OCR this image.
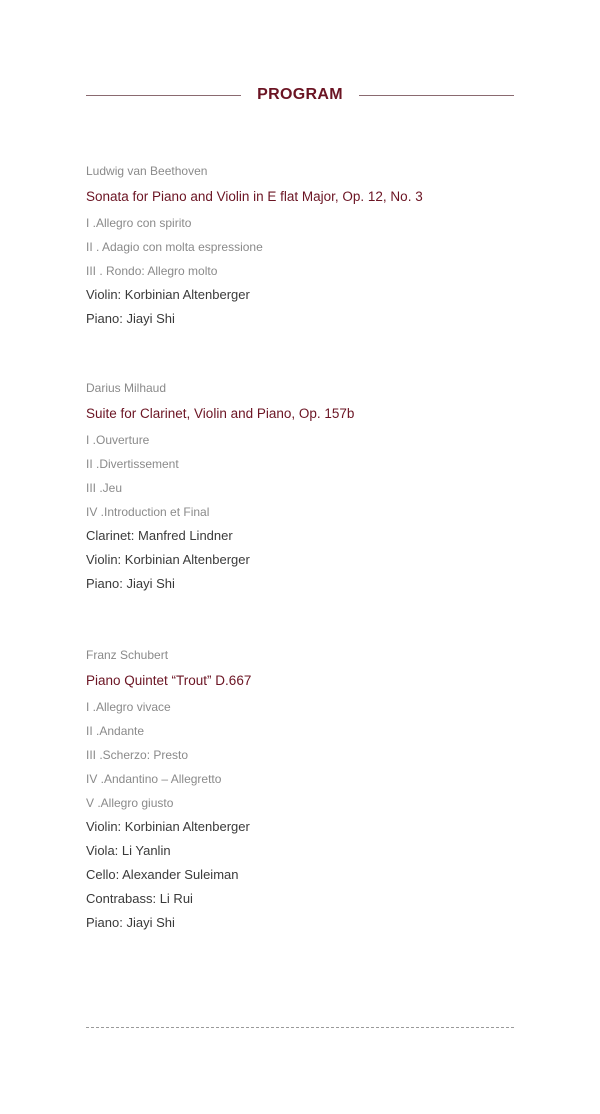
PROGRAM
Ludwig van Beethoven
Sonata for Piano and Violin in E flat Major, Op. 12, No. 3
I .Allegro con spirito
II . Adagio con molta espressione
III . Rondo: Allegro molto
Violin: Korbinian Altenberger
Piano: Jiayi Shi
Darius Milhaud
Suite for Clarinet, Violin and Piano, Op. 157b
I .Ouverture
II .Divertissement
III .Jeu
IV .Introduction et Final
Clarinet: Manfred Lindner
Violin: Korbinian Altenberger
Piano: Jiayi Shi
Franz Schubert
Piano Quintet “Trout” D.667
I .Allegro vivace
II .Andante
III .Scherzo: Presto
IV .Andantino – Allegretto
V .Allegro giusto
Violin: Korbinian Altenberger
Viola: Li Yanlin
Cello: Alexander Suleiman
Contrabass: Li Rui
Piano: Jiayi Shi
